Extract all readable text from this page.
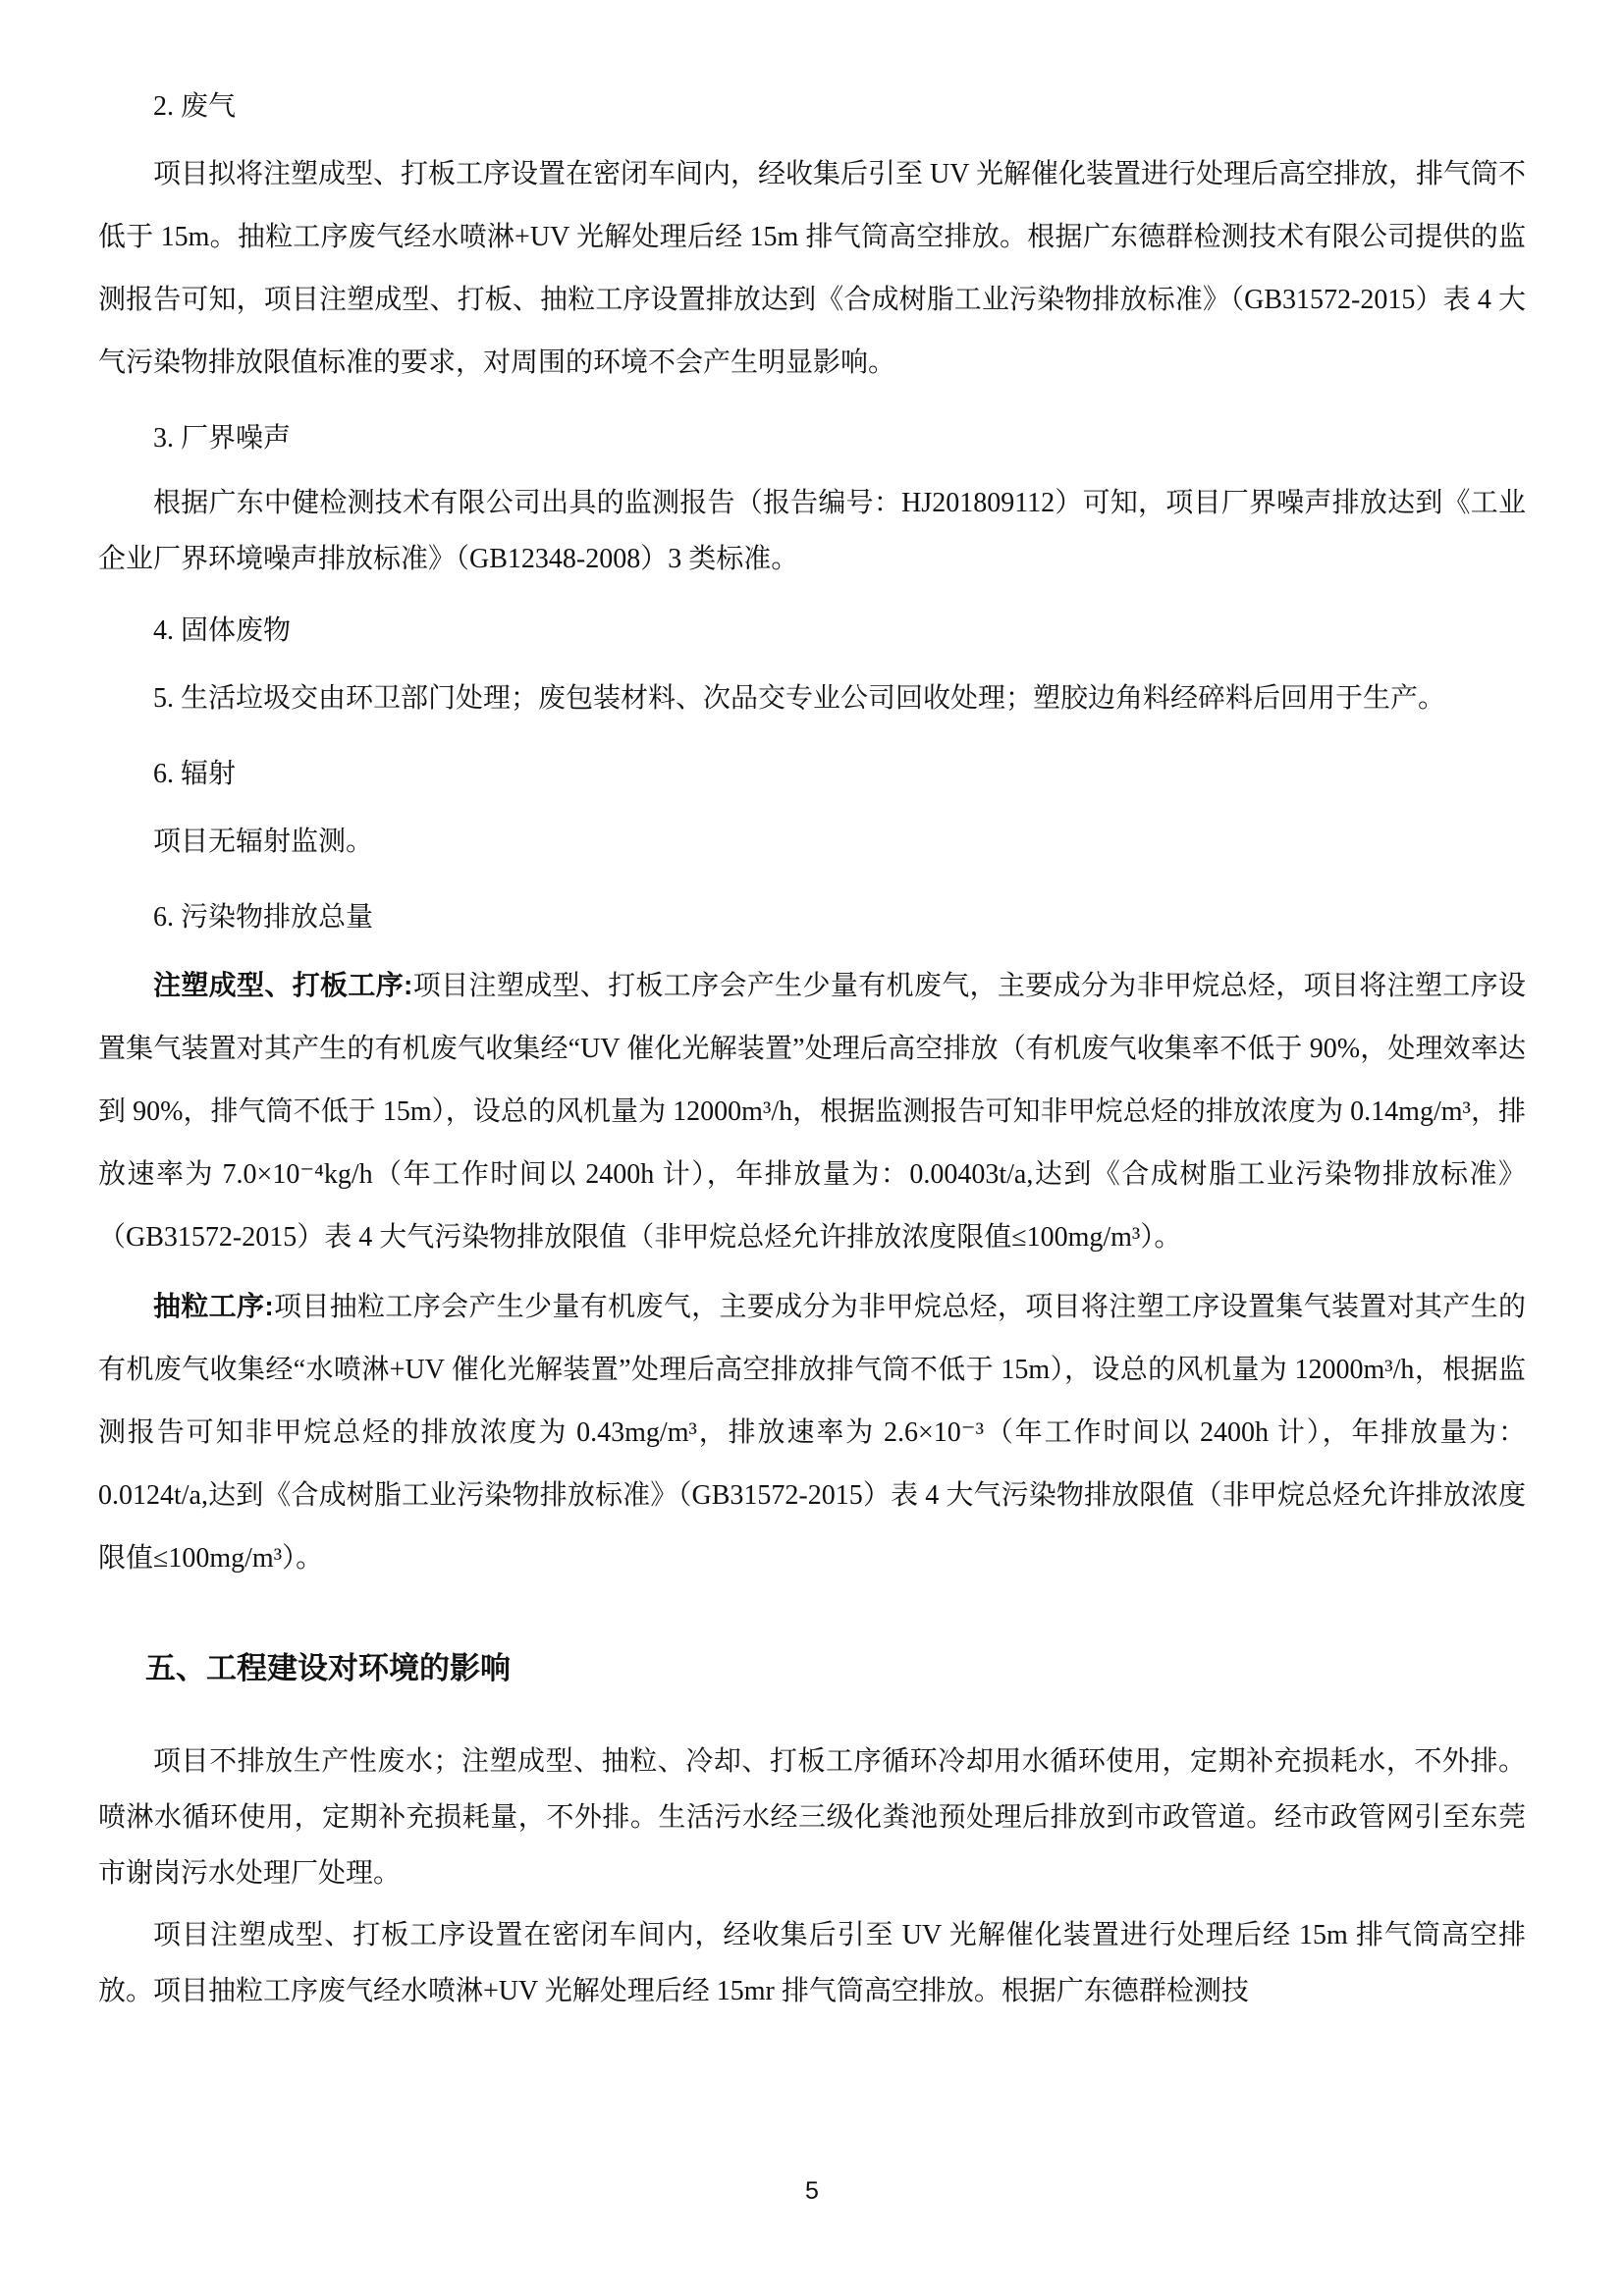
2. 废气

项目拟将注塑成型、打板工序设置在密闭车间内，经收集后引至 UV 光解催化装置进行处理后高空排放，排气筒不低于 15m。抽粒工序废气经水喷淋+UV 光解处理后经 15m 排气筒高空排放。根据广东德群检测技术有限公司提供的监测报告可知，项目注塑成型、打板、抽粒工序设置排放达到《合成树脂工业污染物排放标准》（GB31572-2015）表 4 大气污染物排放限值标准的要求，对周围的环境不会产生明显影响。

3. 厂界噪声

根据广东中健检测技术有限公司出具的监测报告（报告编号：HJ201809112）可知，项目厂界噪声排放达到《工业企业厂界环境噪声排放标准》（GB12348-2008）3 类标准。

4. 固体废物

5. 生活垃圾交由环卫部门处理；废包装材料、次品交专业公司回收处理；塑胶边角料经碎料后回用于生产。

6. 辐射

项目无辐射监测。

6. 污染物排放总量

注塑成型、打板工序:项目注塑成型、打板工序会产生少量有机废气，主要成分为非甲烷总烃，项目将注塑工序设置集气装置对其产生的有机废气收集经“UV 催化光解装置”处理后高空排放（有机废气收集率不低于 90%，处理效率达到 90%，排气筒不低于 15m），设总的风机量为 12000m³/h，根据监测报告可知非甲烷总烃的排放浓度为 0.14mg/m³，排放速率为 7.0×10⁻⁴kg/h（年工作时间以 2400h 计），年排放量为：0.00403t/a,达到《合成树脂工业污染物排放标准》（GB31572-2015）表 4 大气污染物排放限值（非甲烷总烃允许排放浓度限值≤100mg/m³）。

抽粒工序:项目抽粒工序会产生少量有机废气，主要成分为非甲烷总烃，项目将注塑工序设置集气装置对其产生的有机废气收集经“水喷淋+UV 催化光解装置”处理后高空排放排气筒不低于 15m），设总的风机量为 12000m³/h，根据监测报告可知非甲烷总烃的排放浓度为 0.43mg/m³，排放速率为 2.6×10⁻³（年工作时间以 2400h 计），年排放量为：0.0124t/a,达到《合成树脂工业污染物排放标准》（GB31572-2015）表 4 大气污染物排放限值（非甲烷总烃允许排放浓度限值≤100mg/m³）。

五、工程建设对环境的影响

项目不排放生产性废水；注塑成型、抽粒、冷却、打板工序循环冷却用水循环使用，定期补充损耗水，不外排。喷淋水循环使用，定期补充损耗量，不外排。生活污水经三级化粪池预处理后排放到市政管道。经市政管网引至东莞市谢岗污水处理厂处理。

项目注塑成型、打板工序设置在密闭车间内，经收集后引至 UV 光解催化装置进行处理后经 15m 排气筒高空排放。项目抽粒工序废气经水喷淋+UV 光解处理后经 15mr 排气筒高空排放。根据广东德群检测技

5
